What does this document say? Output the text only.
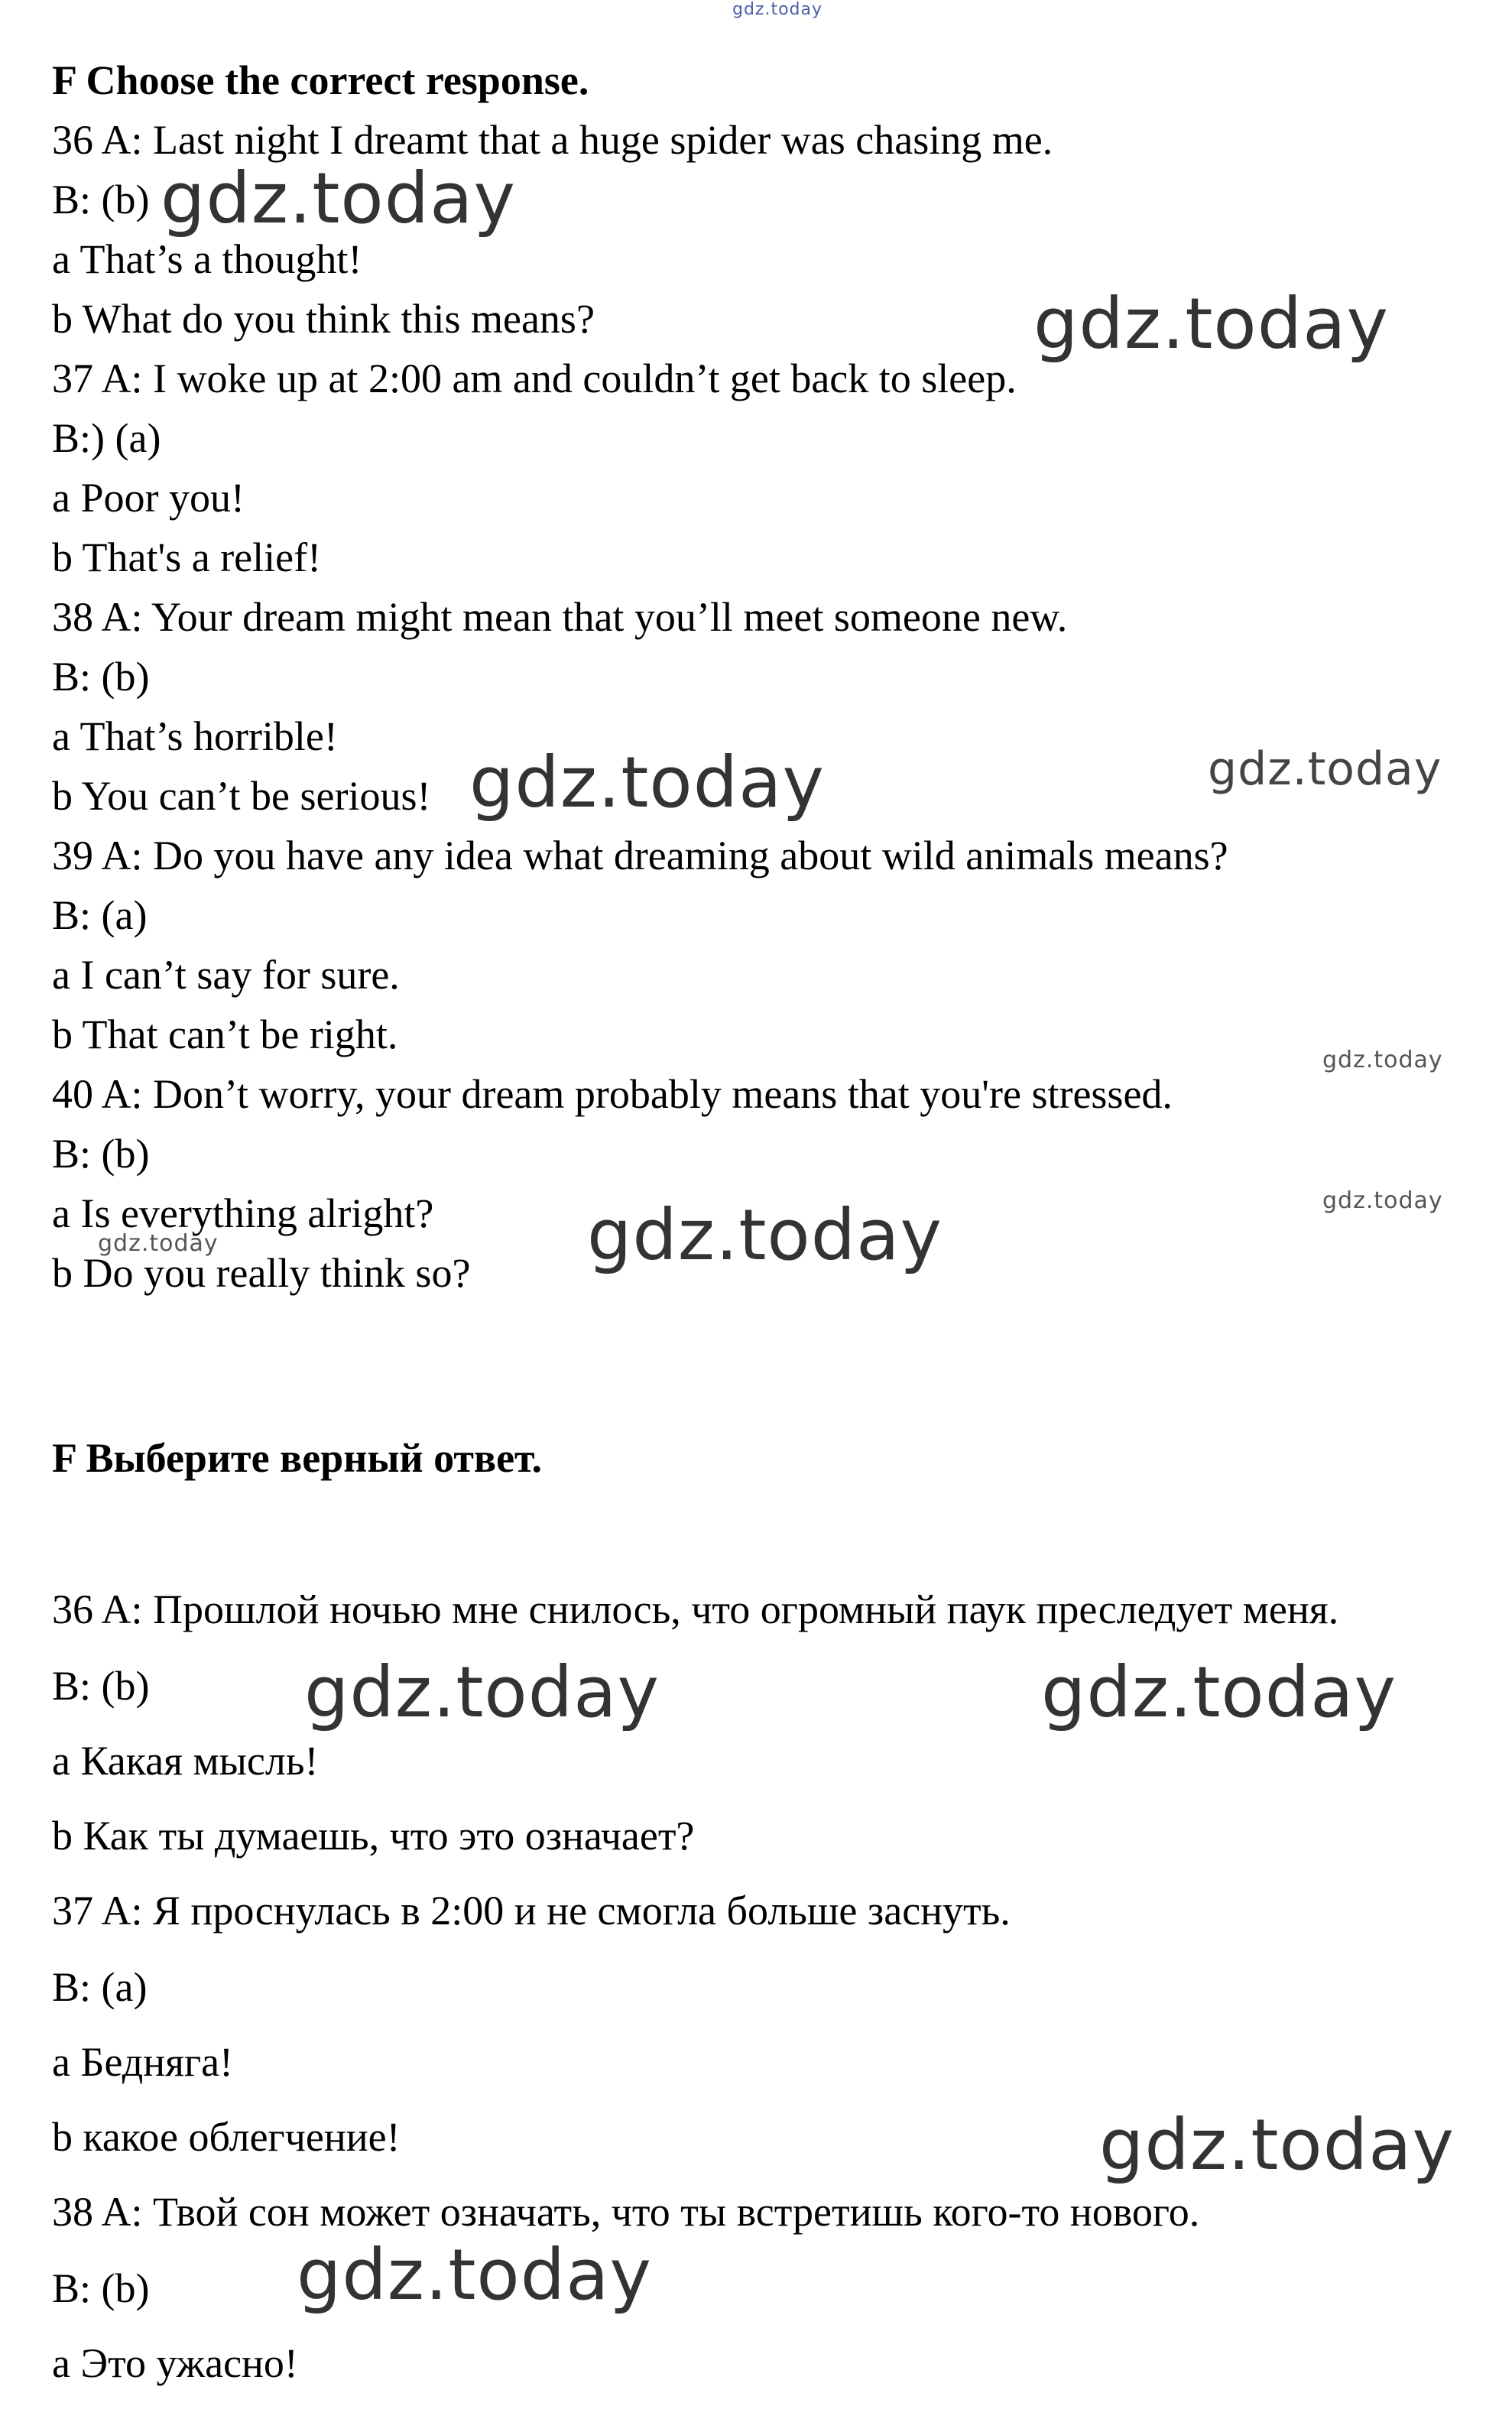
F Choose the correct response.
36 A: Last night I dreamt that a huge spider was chasing me.
B: (b)
a That’s a thought!
b What do you think this means?
37 A: I woke up at 2:00 am and couldn’t get back to sleep.
B:) (a)
a Poor you!
b That's a relief!
38 A: Your dream might mean that you’ll meet someone new.
B: (b)
a That’s horrible!
b You can’t be serious!
39 A: Do you have any idea what dreaming about wild animals means?
B: (a)
a I can’t say for sure.
b That can’t be right.
40 A: Don’t worry, your dream probably means that you're stressed.
B: (b)
a Is everything alright?
b Do you really think so?
F Выберите верный ответ.
36 A: Прошлой ночью мне снилось, что огромный паук преследует меня.
B: (b)
a Какая мысль!
b Как ты думаешь, что это означает?
37 A: Я проснулась в 2:00 и не смогла больше заснуть.
B: (a)
a Бедняга!
b какое облегчение!
38 A: Твой сон может означать, что ты встретишь кого-то нового.
B: (b)
a Это ужасно!
gdz.today
gdz.today
gdz.today
gdz.today	gdz.today
gdz.today
gdz.today
gdz.today	gdz.today
gdz.today	gdz.today
gdz.today
gdz.today
